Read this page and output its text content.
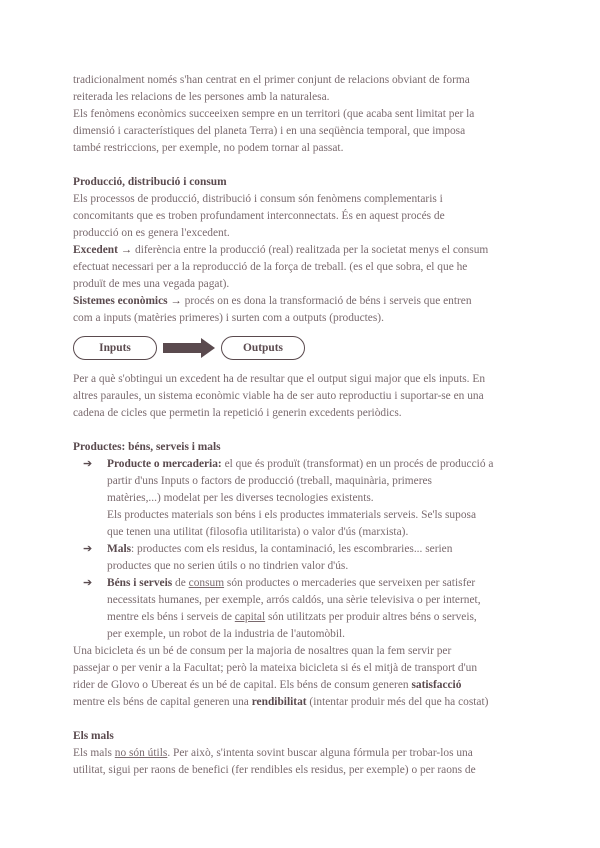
tradicionalment només s'han centrat en el primer conjunt de relacions obviant de forma

reiterada les relacions de les persones amb la naturalesa.

Els fenòmens econòmics succeeixen sempre en un territori (que acaba sent limitat per la

dimensió i característiques del planeta Terra) i en una seqüència temporal, que imposa

també restriccions, per exemple, no podem tornar al passat.

Producció, distribució i consum

Els processos de producció, distribució i consum són fenòmens complementaris i

concomitants que es troben profundament interconnectats. És en aquest procés de

producció on es genera l'excedent.

Excedent → diferència entre la producció (real) realitzada per la societat menys el consum

efectuat necessari per a la reproducció de la força de treball. (es el que sobra, el que he

produït de mes una vegada pagat).

Sistemes econòmics → procés on es dona la transformació de béns i serveis que entren

com a inputs (matèries primeres) i surten com a outputs (productes).

Inputs	Outputs

Per a què s'obtingui un excedent ha de resultar que el output sigui major que els inputs. En

altres paraules, un sistema econòmic viable ha de ser auto reproductiu i suportar-se en una

cadena de cicles que permetin la repetició i generin excedents periòdics.

Productes: béns, serveis i mals

➔ Producte o mercaderia: el que és produït (transformat) en un procés de producció a

partir d'uns Inputs o factors de producció (treball, maquinària, primeres

matèries,...) modelat per les diverses tecnologies existents.

Els productes materials son béns i els productes immaterials serveis. Se'ls suposa

que tenen una utilitat (filosofia utilitarista) o valor d'ús (marxista).

➔ Mals: productes com els residus, la contaminació, les escombraries... serien

productes que no serien útils o no tindrien valor d'ús.

➔ Béns i serveis de consum són productes o mercaderies que serveixen per satisfer

necessitats humanes, per exemple, arrós caldós, una sèrie televisiva o per internet,

mentre els béns i serveis de capital són utilitzats per produir altres béns o serveis,

per exemple, un robot de la industria de l'automòbil.

Una bicicleta és un bé de consum per la majoria de nosaltres quan la fem servir per

passejar o per venir a la Facultat; però la mateixa bicicleta si és el mitjà de transport d'un

rider de Glovo o Ubereat és un bé de capital. Els béns de consum generen satisfacció

mentre els béns de capital generen una rendibilitat (intentar produir més del que ha costat)

Els mals

Els mals no són útils. Per això, s'intenta sovint buscar alguna fórmula per trobar-los una

utilitat, sigui per raons de benefici (fer rendibles els residus, per exemple) o per raons de
